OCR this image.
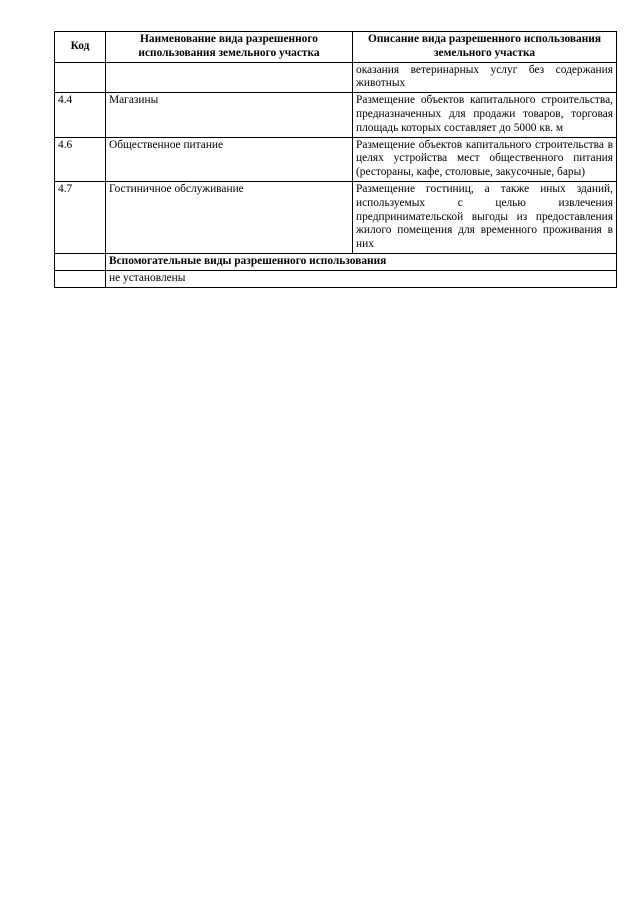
Код	Наименование вида разрешенного использования земельного участка	Описание вида разрешенного использования земельного участка
		оказания ветеринарных услуг без содержания животных
4.4	Магазины	Размещение объектов капитального строительства, предназначенных для продажи товаров, торговая площадь которых составляет до 5000 кв. м
4.6	Общественное питание	Размещение объектов капитального строительства в целях устройства мест общественного питания (рестораны, кафе, столовые, закусочные, бары)
4.7	Гостиничное обслуживание	Размещение гостиниц, а также иных зданий, используемых с целью извлечения предпринимательской выгоды из предоставления жилого помещения для временного проживания в них
	Вспомогательные виды разрешенного использования	
	не установлены	
